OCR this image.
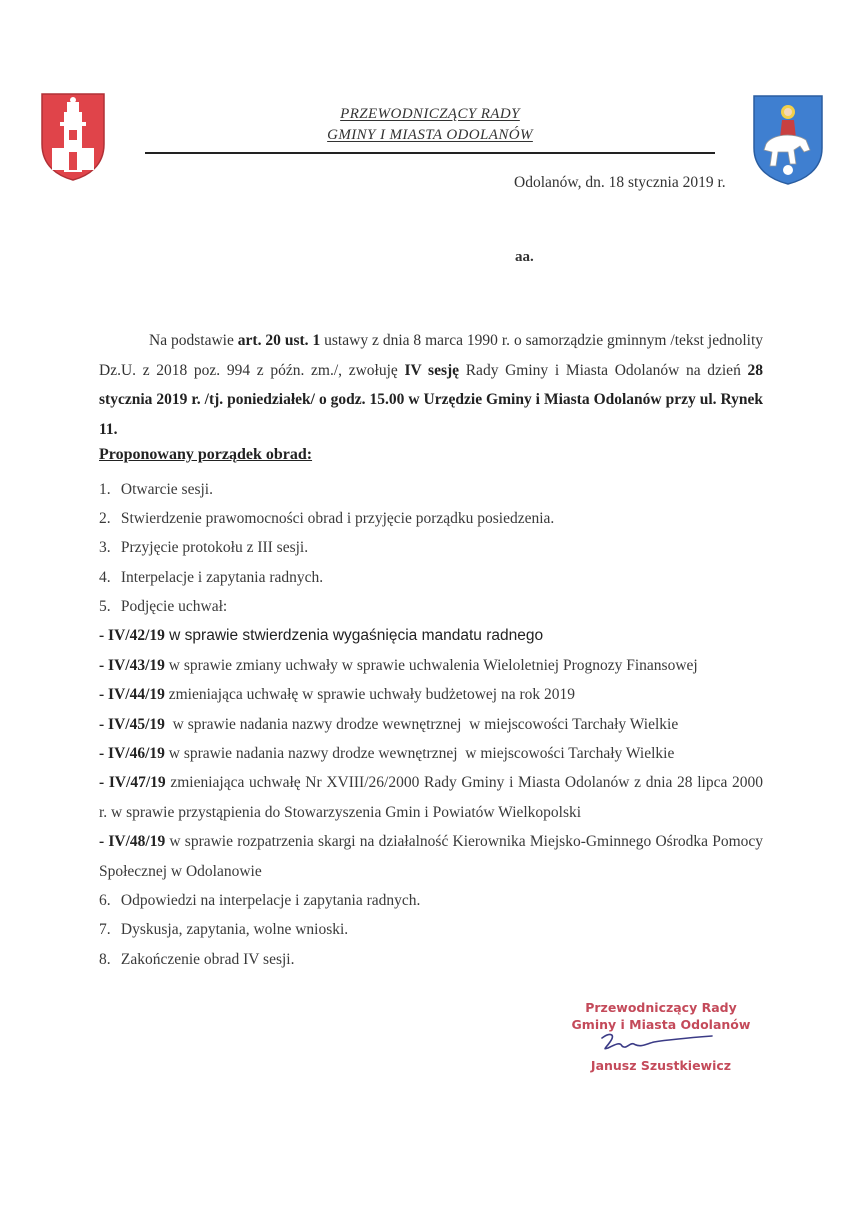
PRZEWODNICZĄCY RADY
GMINY I MIASTA ODOLANÓW
Odolanów, dn. 18 stycznia 2019 r.
aa.
Na podstawie art. 20 ust. 1 ustawy z dnia 8 marca 1990 r. o samorządzie gminnym /tekst jednolity Dz.U. z 2018 poz. 994 z późn. zm./, zwołuję IV sesję Rady Gminy i Miasta Odolanów na dzień 28 stycznia 2019 r. /tj. poniedziałek/ o godz. 15.00 w Urzędzie Gminy i Miasta Odolanów przy ul. Rynek 11.
Proponowany porządek obrad:
1. Otwarcie sesji.
2. Stwierdzenie prawomocności obrad i przyjęcie porządku posiedzenia.
3. Przyjęcie protokołu z III sesji.
4. Interpelacje i zapytania radnych.
5. Podjęcie uchwał:
- IV/42/19 w sprawie stwierdzenia wygaśnięcia mandatu radnego
- IV/43/19 w sprawie zmiany uchwały w sprawie uchwalenia Wieloletniej Prognozy Finansowej
- IV/44/19 zmieniająca uchwałę w sprawie uchwały budżetowej na rok 2019
- IV/45/19  w sprawie nadania nazwy drodze wewnętrznej  w miejscowości Tarchały Wielkie
- IV/46/19 w sprawie nadania nazwy drodze wewnętrznej  w miejscowości Tarchały Wielkie
- IV/47/19 zmieniająca uchwałę Nr XVIII/26/2000 Rady Gminy i Miasta Odolanów z dnia 28 lipca 2000 r. w sprawie przystąpienia do Stowarzyszenia Gmin i Powiatów Wielkopolski
- IV/48/19 w sprawie rozpatrzenia skargi na działalność Kierownika Miejsko-Gminnego Ośrodka Pomocy Społecznej w Odolanowie
6. Odpowiedzi na interpelacje i zapytania radnych.
7. Dyskusja, zapytania, wolne wnioski.
8. Zakończenie obrad IV sesji.
Przewodniczący Rady
Gminy i Miasta Odolanów
Janusz Szustkiewicz
